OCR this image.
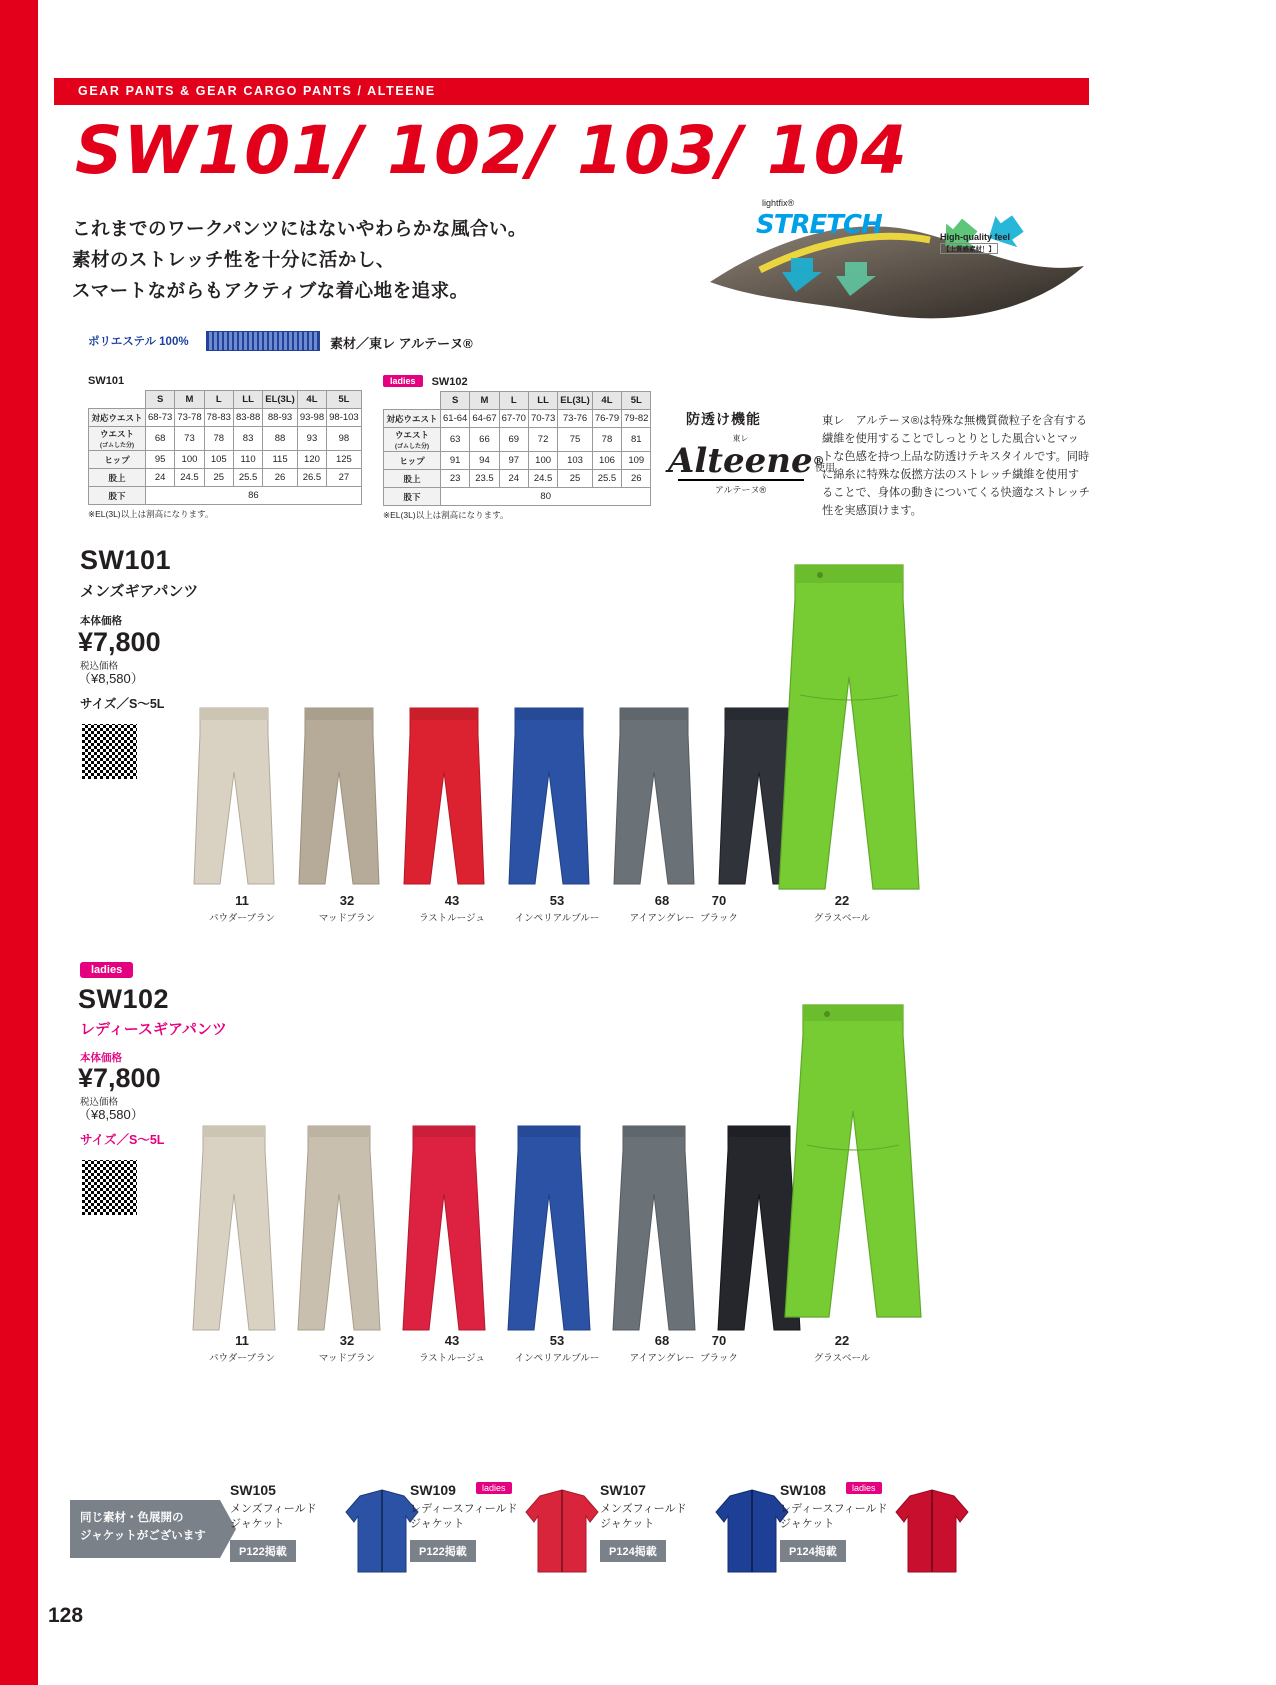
GEAR PANTS & GEAR CARGO PANTS / ALTEENE
SW101/ 102/ 103/ 104
これまでのワークパンツにはないやわらかな風合い。
素材のストレッチ性を十分に活かし、
スマートながらもアクティブな着心地を追求。
lightfix®
STRETCH	High-quality feel
【上質感素材！】
ポリエステル 100%	素材／東レ アルテーヌ®
SW101
	S	M	L	LL	EL(3L)	4L	5L
対応ウエスト	68-73	73-78	78-83	83-88	88-93	93-98	98-103
ウエスト
(ゴムした分)	68	73	78	83	88	93	98
ヒップ	95	100	105	110	115	120	125
股上	24	24.5	25	25.5	26	26.5	27
股下	86						
※EL(3L)以上は割高になります。
ladies SW102
	S	M	L	LL	EL(3L)	4L	5L
対応ウエスト	61-64	64-67	67-70	70-73	73-76	76-79	79-82
ウエスト
(ゴムした分)	63	66	69	72	75	78	81
ヒップ	91	94	97	100	103	106	109
股上	23	23.5	24	24.5	25	25.5	26
股下	80						
※EL(3L)以上は割高になります。
防透け機能
東レ
Alteene®
アルテーヌ®
使用
東レ　アルテーヌ®は特殊な無機質微粒子を含有する繊維を使用することでしっとりとした風合いとマットな色感を持つ上品な防透けテキスタイルです。同時に綿糸に特殊な仮撚方法のストレッチ繊維を使用することで、身体の動きについてくる快適なストレッチ性を実感頂けます。
SW101
メンズギアパンツ
本体価格
¥7,800
税込価格
（¥8,580）
サイズ／S〜5L
11
パウダーブラン
32
マッドブラン
43
ラストルージュ
53
インペリアルブルー
68
アイアングレー
70
ブラック
22
グラスベール
ladies
SW102
レディースギアパンツ
本体価格
¥7,800
税込価格
（¥8,580）
サイズ／S〜5L
11
パウダーブラン
32
マッドブラン
43
ラストルージュ
53
インペリアルブルー
68
アイアングレー
70
ブラック
22
グラスベール
同じ素材・色展開の
ジャケットがございます
SW105
メンズフィールド
ジャケット
P122掲載
SW109	ladies
レディースフィールド
ジャケット
P122掲載
SW107
メンズフィールド
ジャケット
P124掲載
SW108	ladies
レディースフィールド
ジャケット
P124掲載
128
